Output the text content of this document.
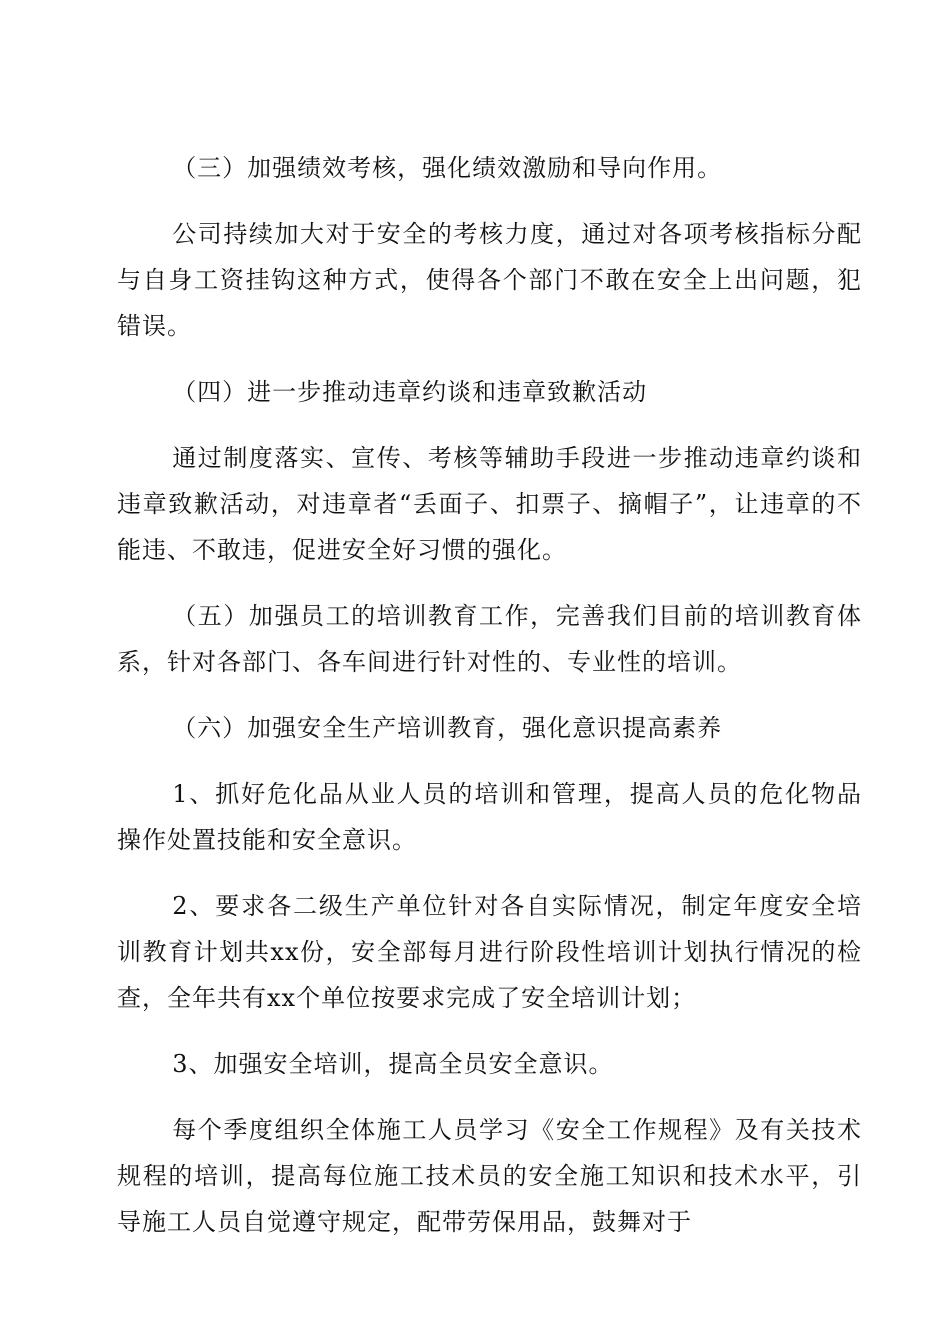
（三）加强绩效考核，强化绩效激励和导向作用。

公司持续加大对于安全的考核力度，通过对各项考核指标分配与自身工资挂钩这种方式，使得各个部门不敢在安全上出问题，犯错误。

（四）进一步推动违章约谈和违章致歉活动

通过制度落实、宣传、考核等辅助手段进一步推动违章约谈和违章致歉活动，对违章者“丢面子、扣票子、摘帽子”，让违章的不能违、不敢违，促进安全好习惯的强化。

（五）加强员工的培训教育工作，完善我们目前的培训教育体系，针对各部门、各车间进行针对性的、专业性的培训。

（六）加强安全生产培训教育，强化意识提高素养

1、抓好危化品从业人员的培训和管理，提高人员的危化物品操作处置技能和安全意识。

2、要求各二级生产单位针对各自实际情况，制定年度安全培训教育计划共xx份，安全部每月进行阶段性培训计划执行情况的检查，全年共有xx个单位按要求完成了安全培训计划；

3、加强安全培训，提高全员安全意识。

每个季度组织全体施工人员学习《安全工作规程》及有关技术规程的培训，提高每位施工技术员的安全施工知识和技术水平，引导施工人员自觉遵守规定，配带劳保用品，鼓舞对于
